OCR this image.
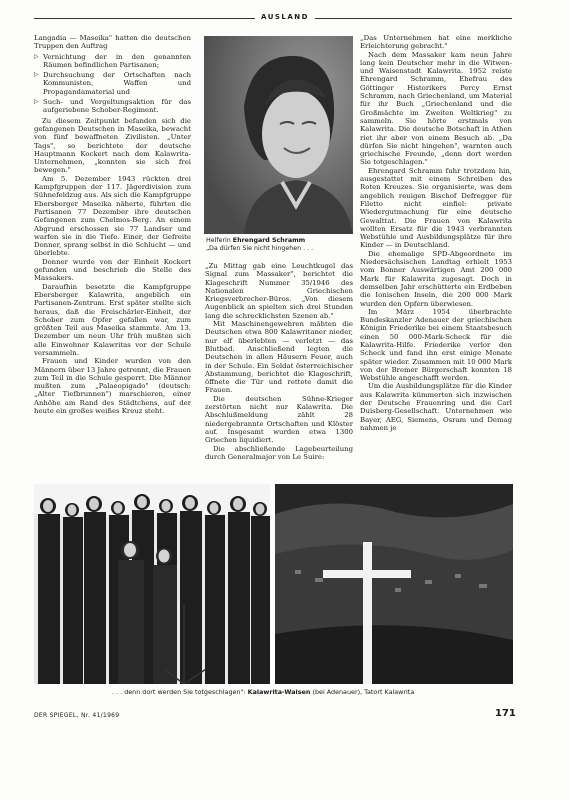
AUSLAND

Langadia — Maseika" hatten die deutschen Truppen den Auftrag

▷ Vernichtung der in den genannten Räumen befindlichen Partisanen;
▷ Durchsuchung der Ortschaften nach Kommunisten, Waffen und Propagandamaterial und
▷ Such- und Vergeltungsaktion für das aufgeriebene Schober-Regiment.

Zu diesem Zeitpunkt befanden sich die gefangenen Deutschen in Maseika, bewacht von fünf bewaffneten Zivilisten. „Unter Tags", so berichtete der deutsche Hauptmann Kockert nach dem Kalawrita-Unternehmen, „konnten sie sich frei bewegen."

Am 5. Dezember 1943 rückten drei Kampfgruppen der 117. Jägerdivision zum Sühnefeldzug aus. Als sich die Kampfgruppe Ebersberger Maseika näherte, führten die Partisanen 77 Dezember ihre deutschen Gefangenen zum Chelmos-Berg. An einem Abgrund erschossen sie 77 Landser und warfen sie in die Tiefe. Einer, der Gefreite Donner, sprang selbst in die Schlucht — und überlebte.

Donner wurde von der Einheit Kockert gefunden und beschrieb die Stelle des Massakers.

Daraufhin besetzte die Kampfgruppe Ebersberger Kalawrita, angeblich ein Partisanen-Zentrum. Erst später stellte sich heraus, daß die Freischärler-Einheit, der Schober zum Opfer gefallen war, zum größten Teil aus Maseika stammte. Am 13. Dezember um neun Uhr früh mußten sich alle Einwohner Kalawritas vor der Schule versammeln.

Frauen und Kinder wurden von den Männern über 13 Jahre getrennt, die Frauen zum Teil in die Schule gesperrt. Die Männer mußten zum „Palaeopigado" (deutsch: „Alter Tiefbrunnen") marschieren, einer Anhöhe am Rand des Städtchens, auf der heute ein großes weißes Kreuz steht.

Helferin Ehrengard Schramm
„Da dürfen Sie nicht hingehen . . .

„Zu Mittag gab eine Leuchtkugel das Signal zum Massaker", berichtet die Klageschrift Nummer 35/1946 des Nationalen Griechischen Kriegsverbrecher-Büros. „Von diesem Augenblick an spielten sich drei Stunden lang die schrecklichsten Szenen ab."

Mit Maschinengewehren mähten die Deutschen etwa 800 Kalawritaner nieder, nur elf überlebten — verletzt — das Blutbad. Anschließend legten die Deutschen in allen Häusern Feuer, auch in der Schule. Ein Soldat österreichischer Abstammung, berichtet die Klageschrift, öffnete die Tür und rettete damit die Frauen.

Die deutschen Sühne-Krieger zerstörten nicht nur Kalawrita. Die Abschlußmeldung zählt 28 niedergebrannte Ortschaften und Klöster auf. Insgesamt wurden etwa 1300 Griechen liquidiert.

Die abschließende Lagebeurteilung durch Generalmajor von Le Suire:

„Das Unternehmen hat eine merkliche Erleichterung gebracht."

Nach dem Massaker kam neun Jahre lang kein Deutscher mehr in die Witwen- und Waisenstadt Kalawrita. 1952 reiste Ehrengard Schramm, Ehefrau des Göttinger Historikers Percy Ernst Schramm, nach Griechenland, um Material für ihr Buch „Griechenland und die Großmächte im Zweiten Weltkrieg" zu sammeln. Sie hörte erstmals von Kalawrita. Die deutsche Botschaft in Athen riet ihr aber von einem Besuch ab. „Da dürfen Sie nicht hingehen", warnten auch griechische Freunde, „denn dort werden Sie totgeschlagen."

Ehrengard Schramm fuhr trotzdem hin, ausgestattet mit einem Schreiben des Roten Kreuzes. Sie organisierte, was dem angeblich reuigen Bischof Defregger für Filetto nicht einfiel: private Wiedergutmachung für eine deutsche Gewalttat. Die Frauen von Kalawrita wollten Ersatz für die 1943 verbrannten Webstühle und Ausbildungsplätze für ihre Kinder — in Deutschland.

Die ehemalige SPD-Abgeordnete im Niedersächsischen Landtag erhielt 1953 vom Bonner Auswärtigen Amt 200 000 Mark für Kalawrita zugesagt. Doch in demselben Jahr erschütterte ein Erdbeben die Ionischen Inseln, die 200 000 Mark wurden den Opfern überwiesen.

Im März 1954 überbrachte Bundeskanzler Adenauer der griechischen Königin Friederike bei einem Staatsbesuch einen 50 000-Mark-Scheck für die Kalawrita-Hilfe. Friederike verlor den Scheck und fand ihn erst einige Monate später wieder. Zusammen mit 10 000 Mark von der Bremer Bürgerschaft konnten 18 Webstühle angeschafft werden.

Um die Ausbildungsplätze für die Kinder aus Kalawrita kümmerten sich inzwischen der Deutsche Frauenring und die Carl Duisberg-Gesellschaft. Unternehmen wie Bayer, AEG, Siemens, Osram und Demag nahmen je

. . . denn dort werden Sie totgeschlagen": Kalawrita-Waisen (bei Adenauer), Tatort Kalawrita
DER SPIEGEL, Nr. 41/1969	171
